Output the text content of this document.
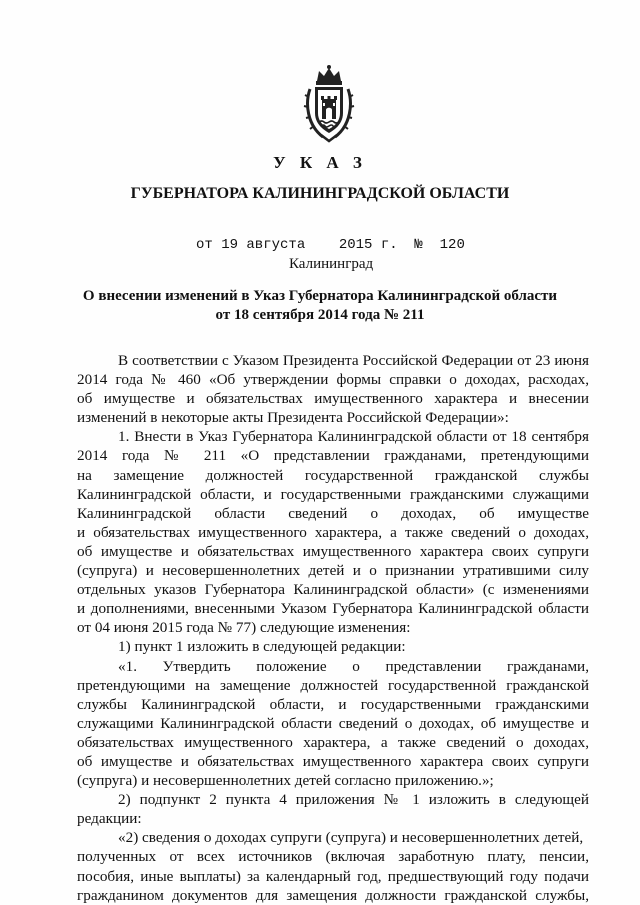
У К А З
ГУБЕРНАТОРА КАЛИНИНГРАДСКОЙ ОБЛАСТИ
от 19 августа    2015 г.  №  120
Калининград
О внесении изменений в Указ Губернатора Калининградской области
от 18 сентября 2014 года № 211

В соответствии с Указом Президента Российской Федерации от 23 июня

2014 года № 460 «Об утверждении формы справки о доходах, расходах,

об имуществе и обязательствах имущественного характера и внесении

изменений в некоторые акты Президента Российской Федерации»:

1. Внести в Указ Губернатора Калининградской области от 18 сентября

2014 года № 211 «О представлении гражданами, претендующими

на замещение должностей государственной гражданской службы

Калининградской области, и государственными гражданскими служащими

Калининградской области сведений о доходах, об имуществе

и обязательствах имущественного характера, а также сведений о доходах,

об имуществе и обязательствах имущественного характера своих супруги

(супруга) и несовершеннолетних детей и о признании утратившими силу

отдельных указов Губернатора Калининградской области» (с изменениями

и дополнениями, внесенными Указом Губернатора Калининградской области

от 04 июня 2015 года № 77) следующие изменения:

1) пункт 1 изложить в следующей редакции:

«1. Утвердить положение о представлении гражданами,

претендующими на замещение должностей государственной гражданской

службы Калининградской области, и государственными гражданскими

служащими Калининградской области сведений о доходах, об имуществе и

обязательствах имущественного характера, а также сведений о доходах,

об имуществе и обязательствах имущественного характера своих супруги

(супруга) и несовершеннолетних детей согласно приложению.»;

2) подпункт 2 пункта 4 приложения № 1 изложить в следующей

редакции:

«2) сведения о доходах супруги (супруга) и несовершеннолетних детей,

полученных от всех источников (включая заработную плату, пенсии,

пособия, иные выплаты) за календарный год, предшествующий году подачи

гражданином документов для замещения должности гражданской службы,
